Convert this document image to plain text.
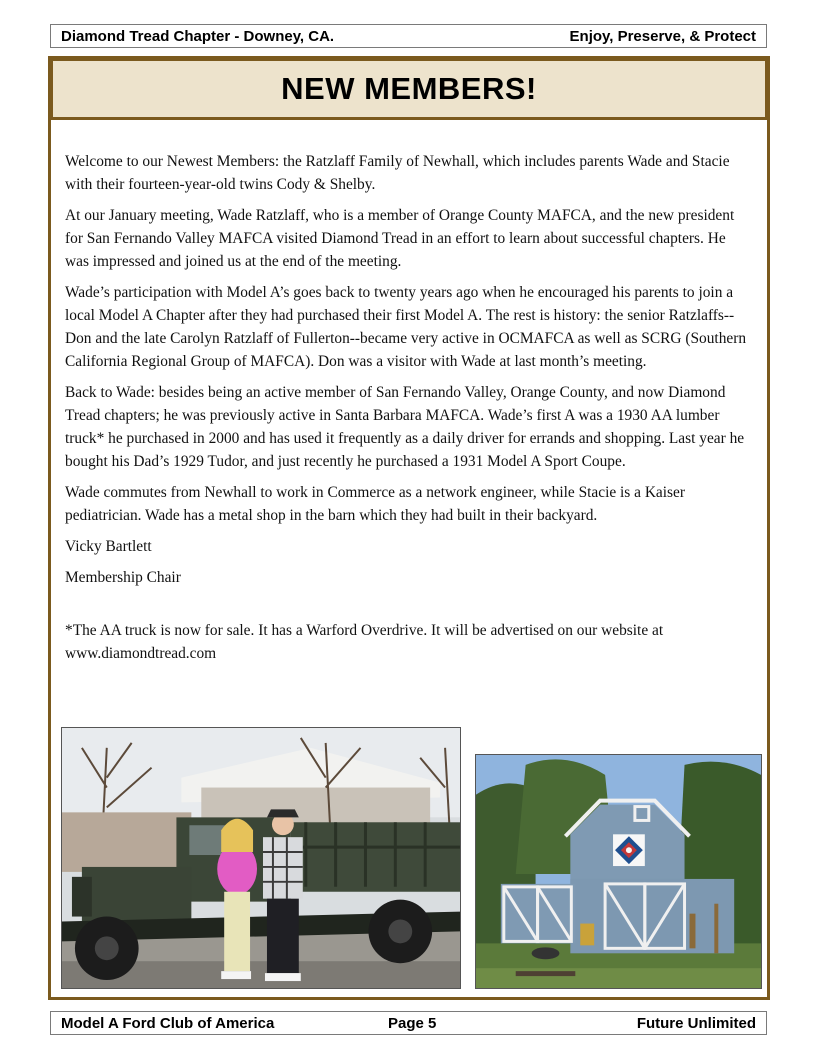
Diamond Tread Chapter - Downey, CA.	Enjoy, Preserve, & Protect
NEW MEMBERS!

Welcome to our Newest Members: the Ratzlaff Family of Newhall, which includes parents Wade and Stacie with their fourteen-year-old twins Cody & Shelby.

At our January meeting, Wade Ratzlaff, who is a member of Orange County MAFCA, and the new president for San Fernando Valley MAFCA visited Diamond Tread in an effort to learn about successful chapters. He was impressed and joined us at the end of the meeting.

Wade’s participation with Model A’s goes back to twenty years ago when he encouraged his parents to join a local Model A Chapter after they had purchased their first Model A. The rest is history: the senior Ratzlaffs--Don and the late Carolyn Ratzlaff of Fullerton--became very active in OCMAFCA as well as SCRG (Southern California Regional Group of MAFCA). Don was a visitor with Wade at last month’s meeting.

Back to Wade: besides being an active member of San Fernando Valley, Orange County, and now Diamond Tread chapters; he was previously active in Santa Barbara MAFCA. Wade’s first A was a 1930 AA lumber truck* he purchased in 2000 and has used it frequently as a daily driver for errands and shopping. Last year he bought his Dad’s 1929 Tudor, and just recently he purchased a 1931 Model A Sport Coupe.

Wade commutes from Newhall to work in Commerce as a network engineer, while Stacie is a Kaiser pediatrician. Wade has a metal shop in the barn which they had built in their backyard.

Vicky Bartlett

Membership Chair

*The AA truck is now for sale. It has a Warford Overdrive. It will be advertised on our website at www.diamondtread.com

Model A Ford Club of America	Page 5	Future Unlimited
